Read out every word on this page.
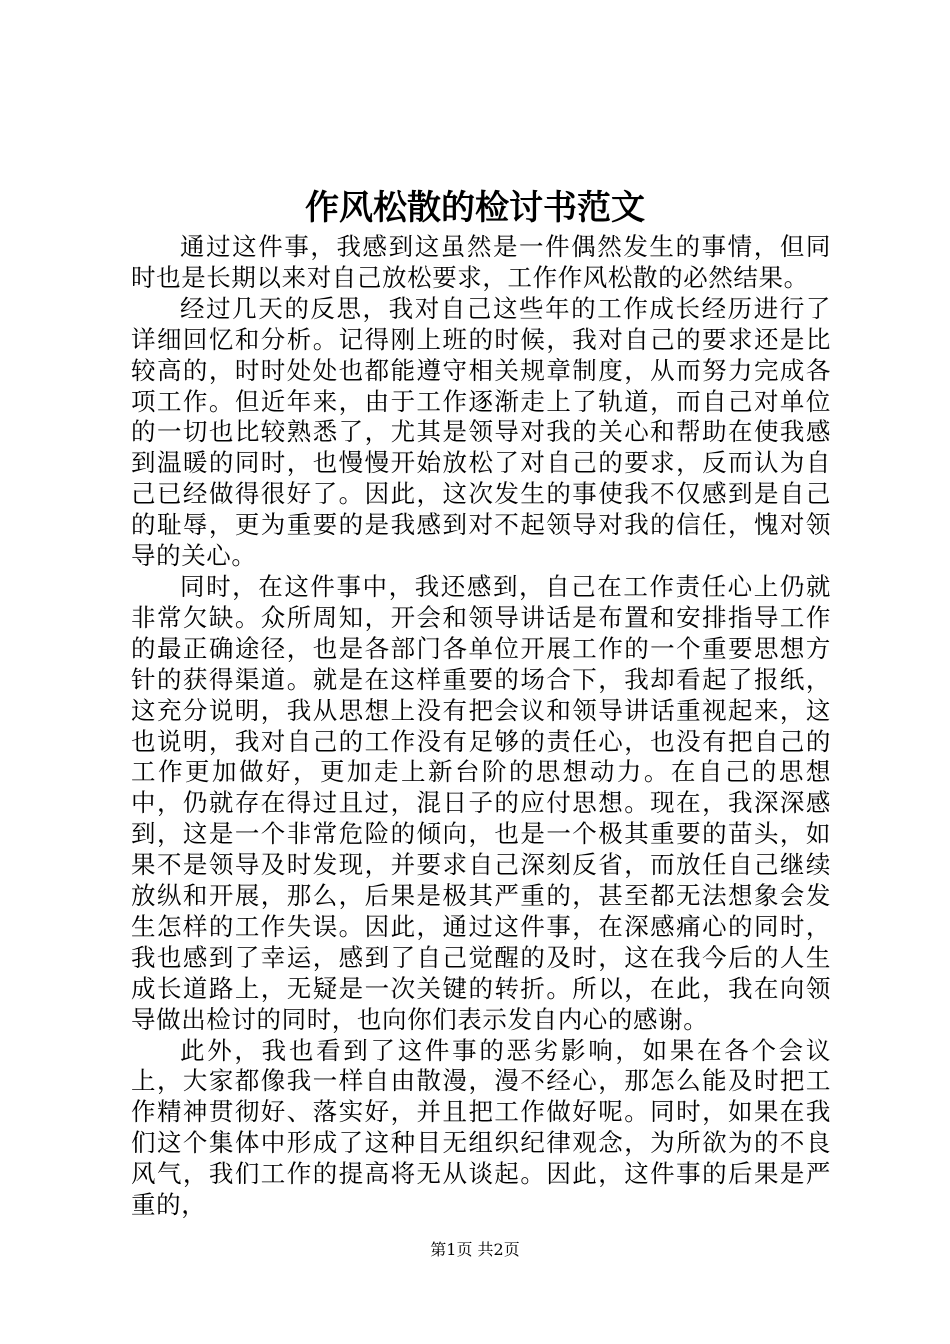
作风松散的检讨书范文

通过这件事，我感到这虽然是一件偶然发生的事情，但同时也是长期以来对自己放松要求，工作作风松散的必然结果。

经过几天的反思，我对自己这些年的工作成长经历进行了详细回忆和分析。记得刚上班的时候，我对自己的要求还是比较高的，时时处处也都能遵守相关规章制度，从而努力完成各项工作。但近年来，由于工作逐渐走上了轨道，而自己对单位的一切也比较熟悉了，尤其是领导对我的关心和帮助在使我感到温暖的同时，也慢慢开始放松了对自己的要求，反而认为自己已经做得很好了。因此，这次发生的事使我不仅感到是自己的耻辱，更为重要的是我感到对不起领导对我的信任，愧对领导的关心。

同时，在这件事中，我还感到，自己在工作责任心上仍就非常欠缺。众所周知，开会和领导讲话是布置和安排指导工作的最正确途径，也是各部门各单位开展工作的一个重要思想方针的获得渠道。就是在这样重要的场合下，我却看起了报纸，这充分说明，我从思想上没有把会议和领导讲话重视起来，这也说明，我对自己的工作没有足够的责任心，也没有把自己的工作更加做好，更加走上新台阶的思想动力。在自己的思想中，仍就存在得过且过，混日子的应付思想。现在，我深深感到，这是一个非常危险的倾向，也是一个极其重要的苗头，如果不是领导及时发现，并要求自己深刻反省，而放任自己继续放纵和开展，那么，后果是极其严重的，甚至都无法想象会发生怎样的工作失误。因此，通过这件事，在深感痛心的同时，我也感到了幸运，感到了自己觉醒的及时，这在我今后的人生成长道路上，无疑是一次关键的转折。所以，在此，我在向领导做出检讨的同时，也向你们表示发自内心的感谢。

此外，我也看到了这件事的恶劣影响，如果在各个会议上，大家都像我一样自由散漫，漫不经心，那怎么能及时把工作精神贯彻好、落实好，并且把工作做好呢。同时，如果在我们这个集体中形成了这种目无组织纪律观念，为所欲为的不良风气，我们工作的提高将无从谈起。因此，这件事的后果是严重的，

第1页 共2页
